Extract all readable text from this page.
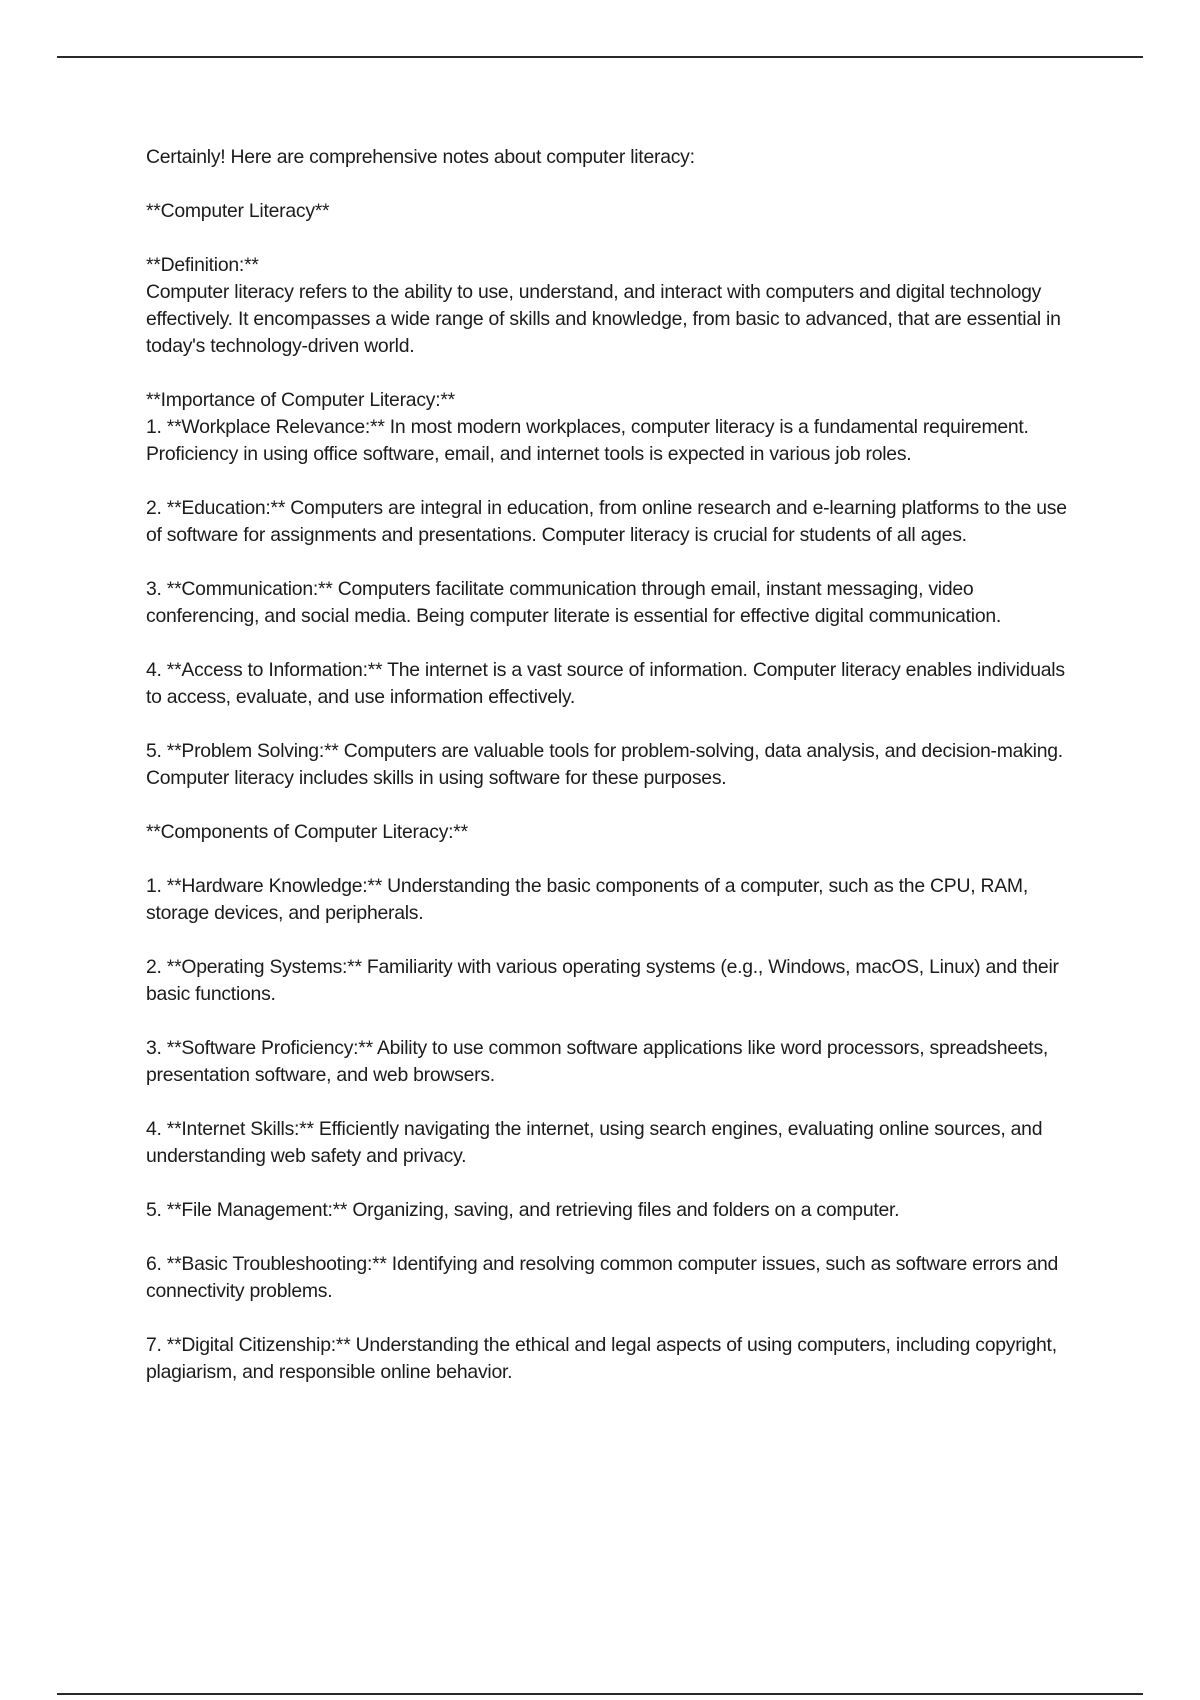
Certainly! Here are comprehensive notes about computer literacy:

**Computer Literacy**

**Definition:**

Computer literacy refers to the ability to use, understand, and interact with computers and digital technology effectively. It encompasses a wide range of skills and knowledge, from basic to advanced, that are essential in today's technology-driven world.

**Importance of Computer Literacy:**

1. **Workplace Relevance:** In most modern workplaces, computer literacy is a fundamental requirement. Proficiency in using office software, email, and internet tools is expected in various job roles.

2. **Education:** Computers are integral in education, from online research and e-learning platforms to the use of software for assignments and presentations. Computer literacy is crucial for students of all ages.

3. **Communication:** Computers facilitate communication through email, instant messaging, video conferencing, and social media. Being computer literate is essential for effective digital communication.

4. **Access to Information:** The internet is a vast source of information. Computer literacy enables individuals to access, evaluate, and use information effectively.

5. **Problem Solving:** Computers are valuable tools for problem-solving, data analysis, and decision-making. Computer literacy includes skills in using software for these purposes.

**Components of Computer Literacy:**

1. **Hardware Knowledge:** Understanding the basic components of a computer, such as the CPU, RAM, storage devices, and peripherals.

2. **Operating Systems:** Familiarity with various operating systems (e.g., Windows, macOS, Linux) and their basic functions.

3. **Software Proficiency:** Ability to use common software applications like word processors, spreadsheets, presentation software, and web browsers.

4. **Internet Skills:** Efficiently navigating the internet, using search engines, evaluating online sources, and understanding web safety and privacy.

5. **File Management:** Organizing, saving, and retrieving files and folders on a computer.

6. **Basic Troubleshooting:** Identifying and resolving common computer issues, such as software errors and connectivity problems.

7. **Digital Citizenship:** Understanding the ethical and legal aspects of using computers, including copyright, plagiarism, and responsible online behavior.
